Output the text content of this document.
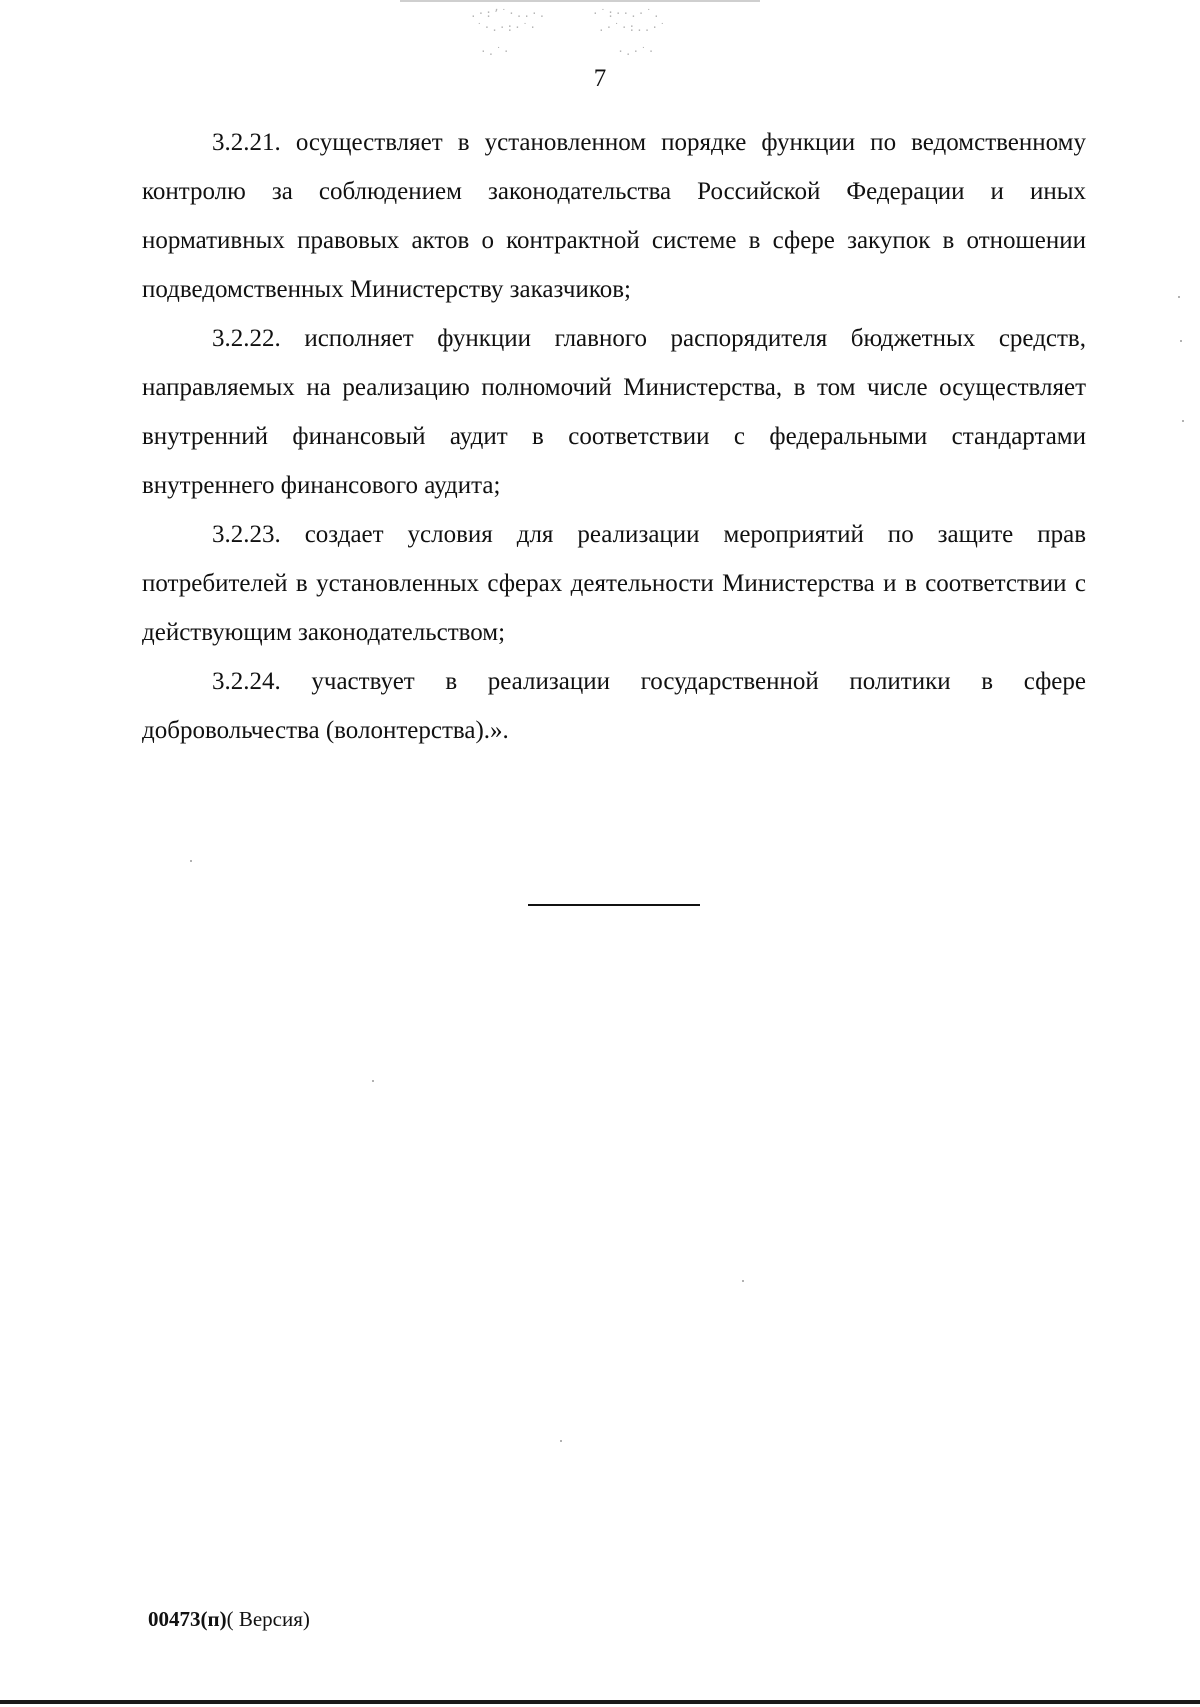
.·:ʼ˙·..·.      ·˙:··.·˙.
˙·.·:·˙·        .·˙·:..·˙
·.˙·              ·.·˙·
7

3.2.21. осуществляет в установленном порядке функции по ведомственному контролю за соблюдением законодательства Российской Федерации и иных нормативных правовых актов о контрактной системе в сфере закупок в отношении подведомственных Министерству заказчиков;

3.2.22. исполняет функции главного распорядителя бюджетных средств, направляемых на реализацию полномочий Министерства, в том числе осуществляет внутренний финансовый аудит в соответствии с федеральными стандартами внутреннего финансового аудита;

3.2.23. создает условия для реализации мероприятий по защите прав потребителей в установленных сферах деятельности Министерства и в соответствии с действующим законодательством;

3.2.24. участвует в реализации государственной политики в сфере добровольчества (волонтерства).».

00473(п)( Версия)
